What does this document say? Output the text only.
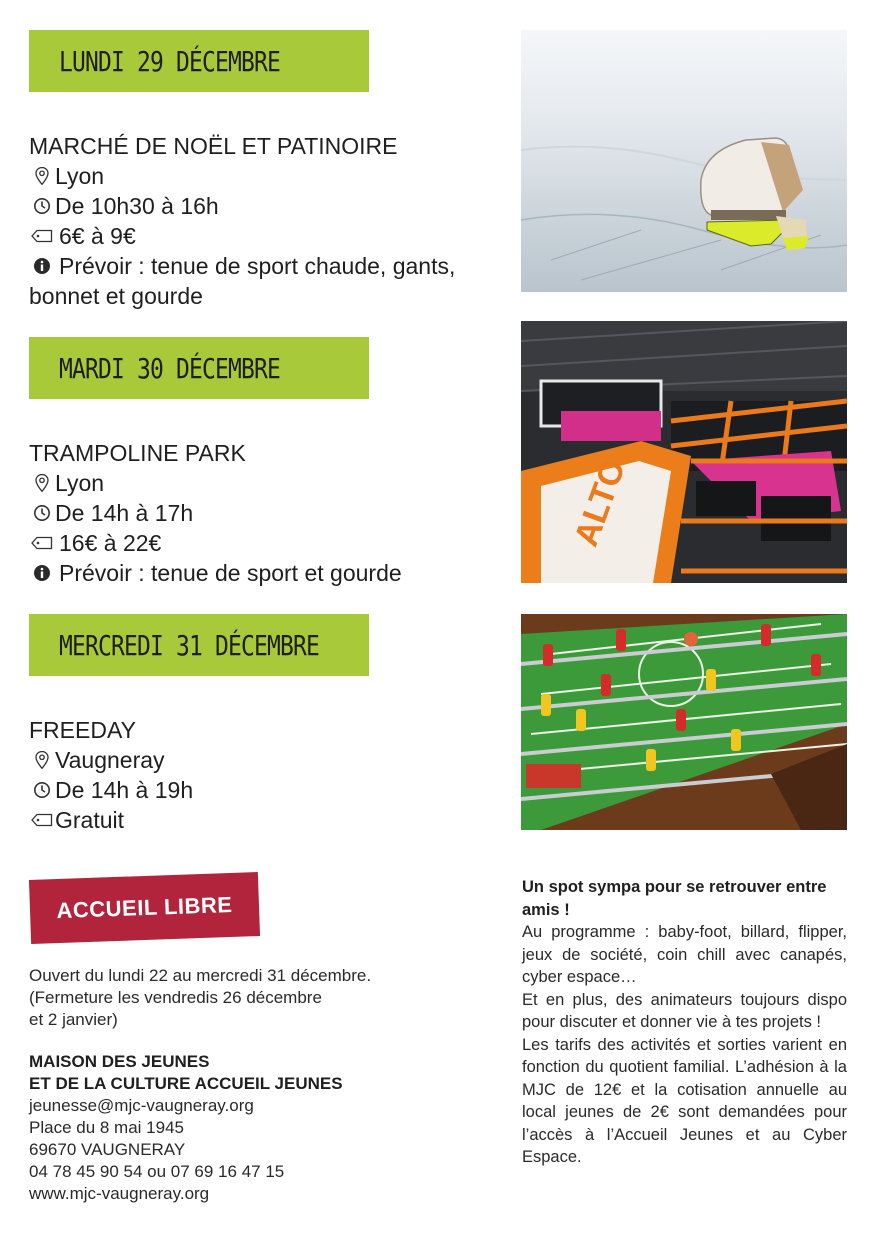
LUNDI 29 DÉCEMBRE
MARCHÉ DE NOËL ET PATINOIRE
Lyon
De 10h30 à 16h
6€ à 9€
Prévoir : tenue de sport chaude, gants, bonnet et gourde
MARDI 30 DÉCEMBRE
TRAMPOLINE PARK
Lyon
De 14h à 17h
16€ à 22€
Prévoir : tenue de sport et gourde
ALTO
MERCREDI 31 DÉCEMBRE
FREEDAY
Vaugneray
De 14h à 19h
Gratuit
ACCUEIL LIBRE
Ouvert du lundi 22 au mercredi 31 décembre.
(Fermeture les vendredis 26 décembre
et 2 janvier)
MAISON DES JEUNES
ET DE LA CULTURE ACCUEIL JEUNES
jeunesse@mjc-vaugneray.org
Place du 8 mai 1945
69670 VAUGNERAY
04 78 45 90 54 ou 07 69 16 47 15
www.mjc-vaugneray.org
Un spot sympa pour se retrouver entre amis !
Au programme : baby-foot, billard, flipper, jeux de société, coin chill avec canapés, cyber espace…
Et en plus, des animateurs toujours dispo pour discuter et donner vie à tes projets !
Les tarifs des activités et sorties varient en fonction du quotient familial. L’adhésion à la MJC de 12€ et la cotisation annuelle au local jeunes de 2€ sont demandées pour l’accès à l’Accueil Jeunes et au Cyber Espace.
